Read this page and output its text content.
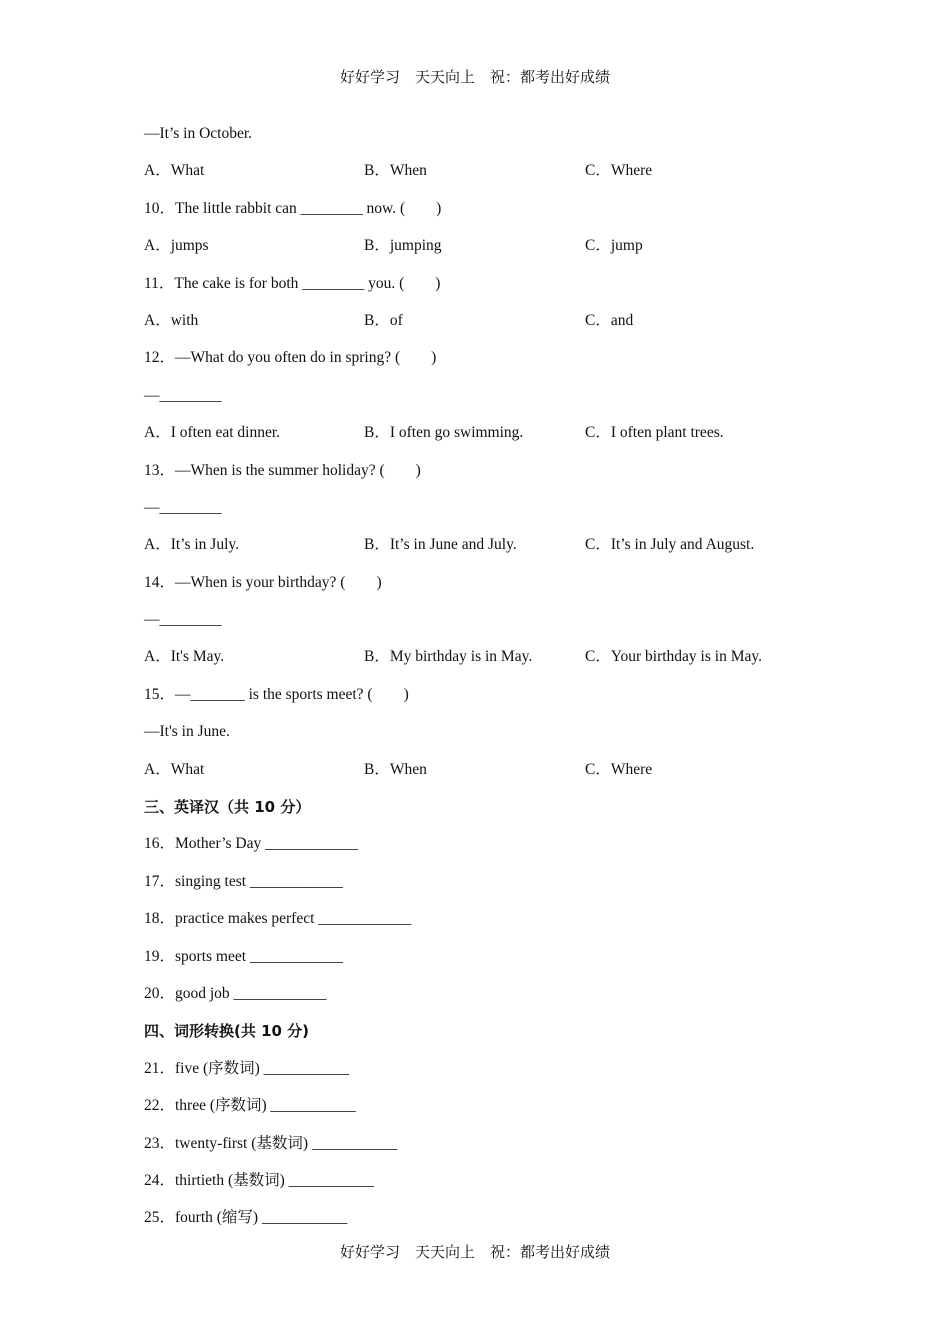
好好学习　天天向上　祝：都考出好成绩
—It’s in October.
A．What	B．When	C．Where
10．The little rabbit can ________ now. (　　)
A．jumps	B．jumping	C．jump
11．The cake is for both ________ you. (　　)
A．with	B．of	C．and
12．—What do you often do in spring? (　　)
—________
A．I often eat dinner.	B．I often go swimming.	C．I often plant trees.
13．—When is the summer holiday? (　　)
—________
A．It’s in July.	B．It’s in June and July.	C．It’s in July and August.
14．—When is your birthday? (　　)
—________
A．It's May.	B．My birthday is in May.	C．Your birthday is in May.
15．—_______ is the sports meet? (　　)
—It's in June.
A．What	B．When	C．Where
三、英译汉（共 10 分）
16．Mother’s Day ____________
17．singing test ____________
18．practice makes perfect ____________
19．sports meet ____________
20．good job ____________
四、词形转换(共 10 分)
21．five (序数词) ___________
22．three (序数词) ___________
23．twenty-first (基数词) ___________
24．thirtieth (基数词) ___________
25．fourth (缩写) ___________
好好学习　天天向上　祝：都考出好成绩
